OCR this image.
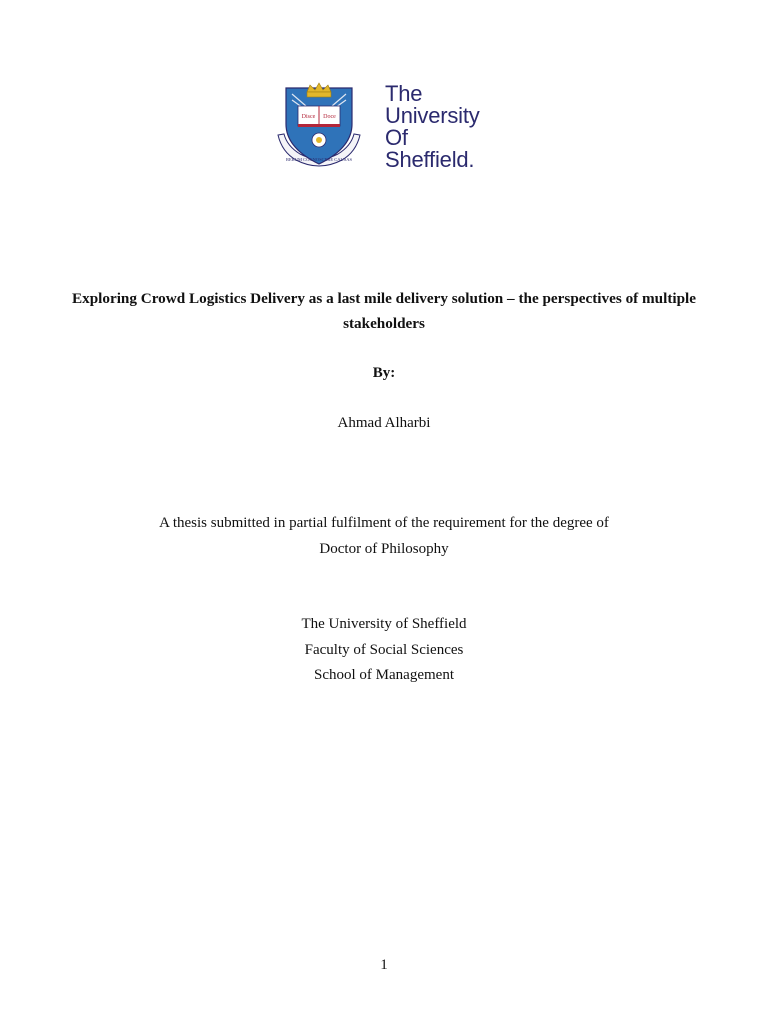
Disce Doce
RERUM COGNOSCERE CAUSAS
The
University
Of
Sheffield.
Exploring Crowd Logistics Delivery as a last mile delivery solution – the perspectives of multiple stakeholders
By:
Ahmad Alharbi
A thesis submitted in partial fulfilment of the requirement for the degree of
Doctor of Philosophy
The University of Sheffield
Faculty of Social Sciences
School of Management
1
